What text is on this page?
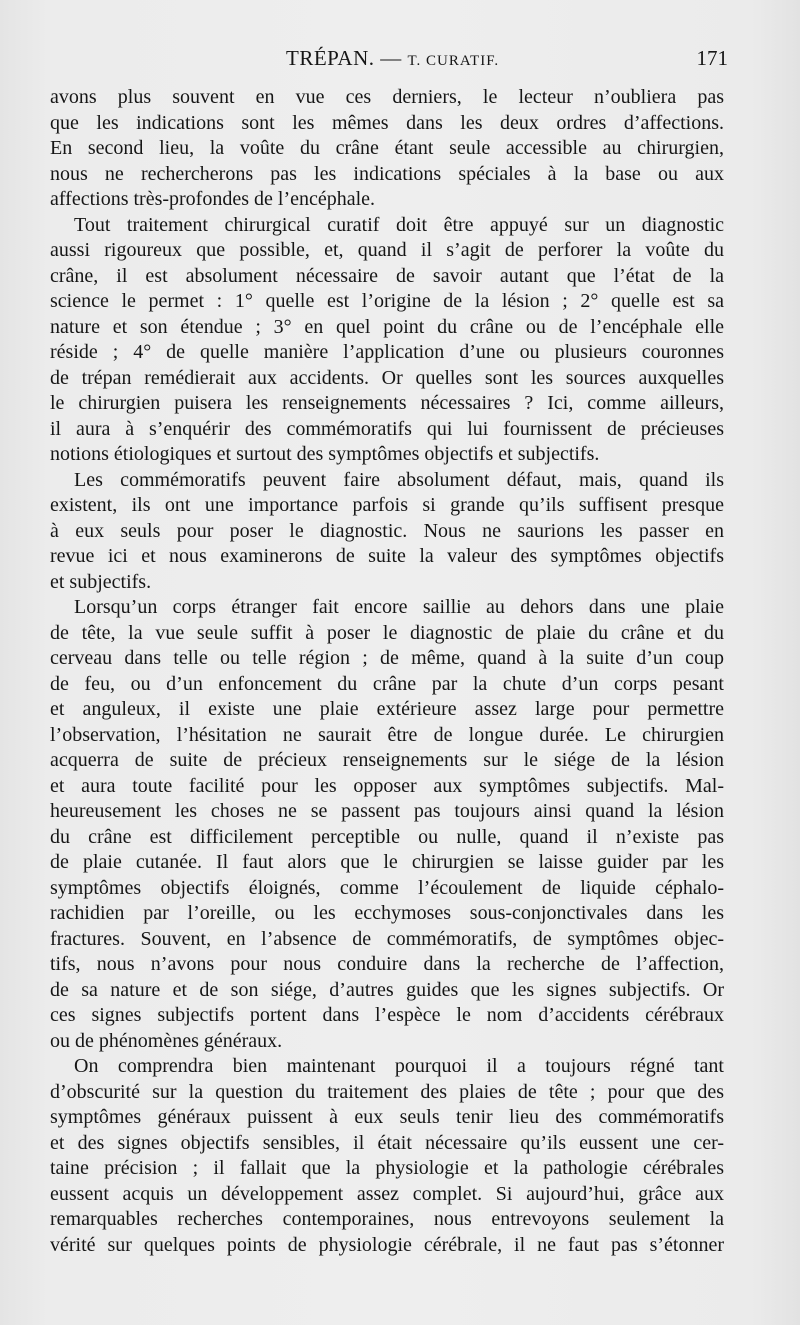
TRÉPAN. — T. CURATIF.	171
avons plus souvent en vue ces derniers, le lecteur n’oubliera pas
que les indications sont les mêmes dans les deux ordres d’affections.
En second lieu, la voûte du crâne étant seule accessible au chirurgien,
nous ne rechercherons pas les indications spéciales à la base ou aux
affections très-profondes de l’encéphale.
Tout traitement chirurgical curatif doit être appuyé sur un diagnostic
aussi rigoureux que possible, et, quand il s’agit de perforer la voûte du
crâne, il est absolument nécessaire de savoir autant que l’état de la
science le permet : 1° quelle est l’origine de la lésion ; 2° quelle est sa
nature et son étendue ; 3° en quel point du crâne ou de l’encéphale elle
réside ; 4° de quelle manière l’application d’une ou plusieurs couronnes
de trépan remédierait aux accidents. Or quelles sont les sources auxquelles
le chirurgien puisera les renseignements nécessaires ? Ici, comme ailleurs,
il aura à s’enquérir des commémoratifs qui lui fournissent de précieuses
notions étiologiques et surtout des symptômes objectifs et subjectifs.
Les commémoratifs peuvent faire absolument défaut, mais, quand ils
existent, ils ont une importance parfois si grande qu’ils suffisent presque
à eux seuls pour poser le diagnostic. Nous ne saurions les passer en
revue ici et nous examinerons de suite la valeur des symptômes objectifs
et subjectifs.
Lorsqu’un corps étranger fait encore saillie au dehors dans une plaie
de tête, la vue seule suffit à poser le diagnostic de plaie du crâne et du
cerveau dans telle ou telle région ; de même, quand à la suite d’un coup
de feu, ou d’un enfoncement du crâne par la chute d’un corps pesant
et anguleux, il existe une plaie extérieure assez large pour permettre
l’observation, l’hésitation ne saurait être de longue durée. Le chirurgien
acquerra de suite de précieux renseignements sur le siége de la lésion
et aura toute facilité pour les opposer aux symptômes subjectifs. Mal-
heureusement les choses ne se passent pas toujours ainsi quand la lésion
du crâne est difficilement perceptible ou nulle, quand il n’existe pas
de plaie cutanée. Il faut alors que le chirurgien se laisse guider par les
symptômes objectifs éloignés, comme l’écoulement de liquide céphalo-
rachidien par l’oreille, ou les ecchymoses sous-conjonctivales dans les
fractures. Souvent, en l’absence de commémoratifs, de symptômes objec-
tifs, nous n’avons pour nous conduire dans la recherche de l’affection,
de sa nature et de son siége, d’autres guides que les signes subjectifs. Or
ces signes subjectifs portent dans l’espèce le nom d’accidents cérébraux
ou de phénomènes généraux.
On comprendra bien maintenant pourquoi il a toujours régné tant
d’obscurité sur la question du traitement des plaies de tête ; pour que des
symptômes généraux puissent à eux seuls tenir lieu des commémoratifs
et des signes objectifs sensibles, il était nécessaire qu’ils eussent une cer-
taine précision ; il fallait que la physiologie et la pathologie cérébrales
eussent acquis un développement assez complet. Si aujourd’hui, grâce aux
remarquables recherches contemporaines, nous entrevoyons seulement la
vérité sur quelques points de physiologie cérébrale, il ne faut pas s’étonner
